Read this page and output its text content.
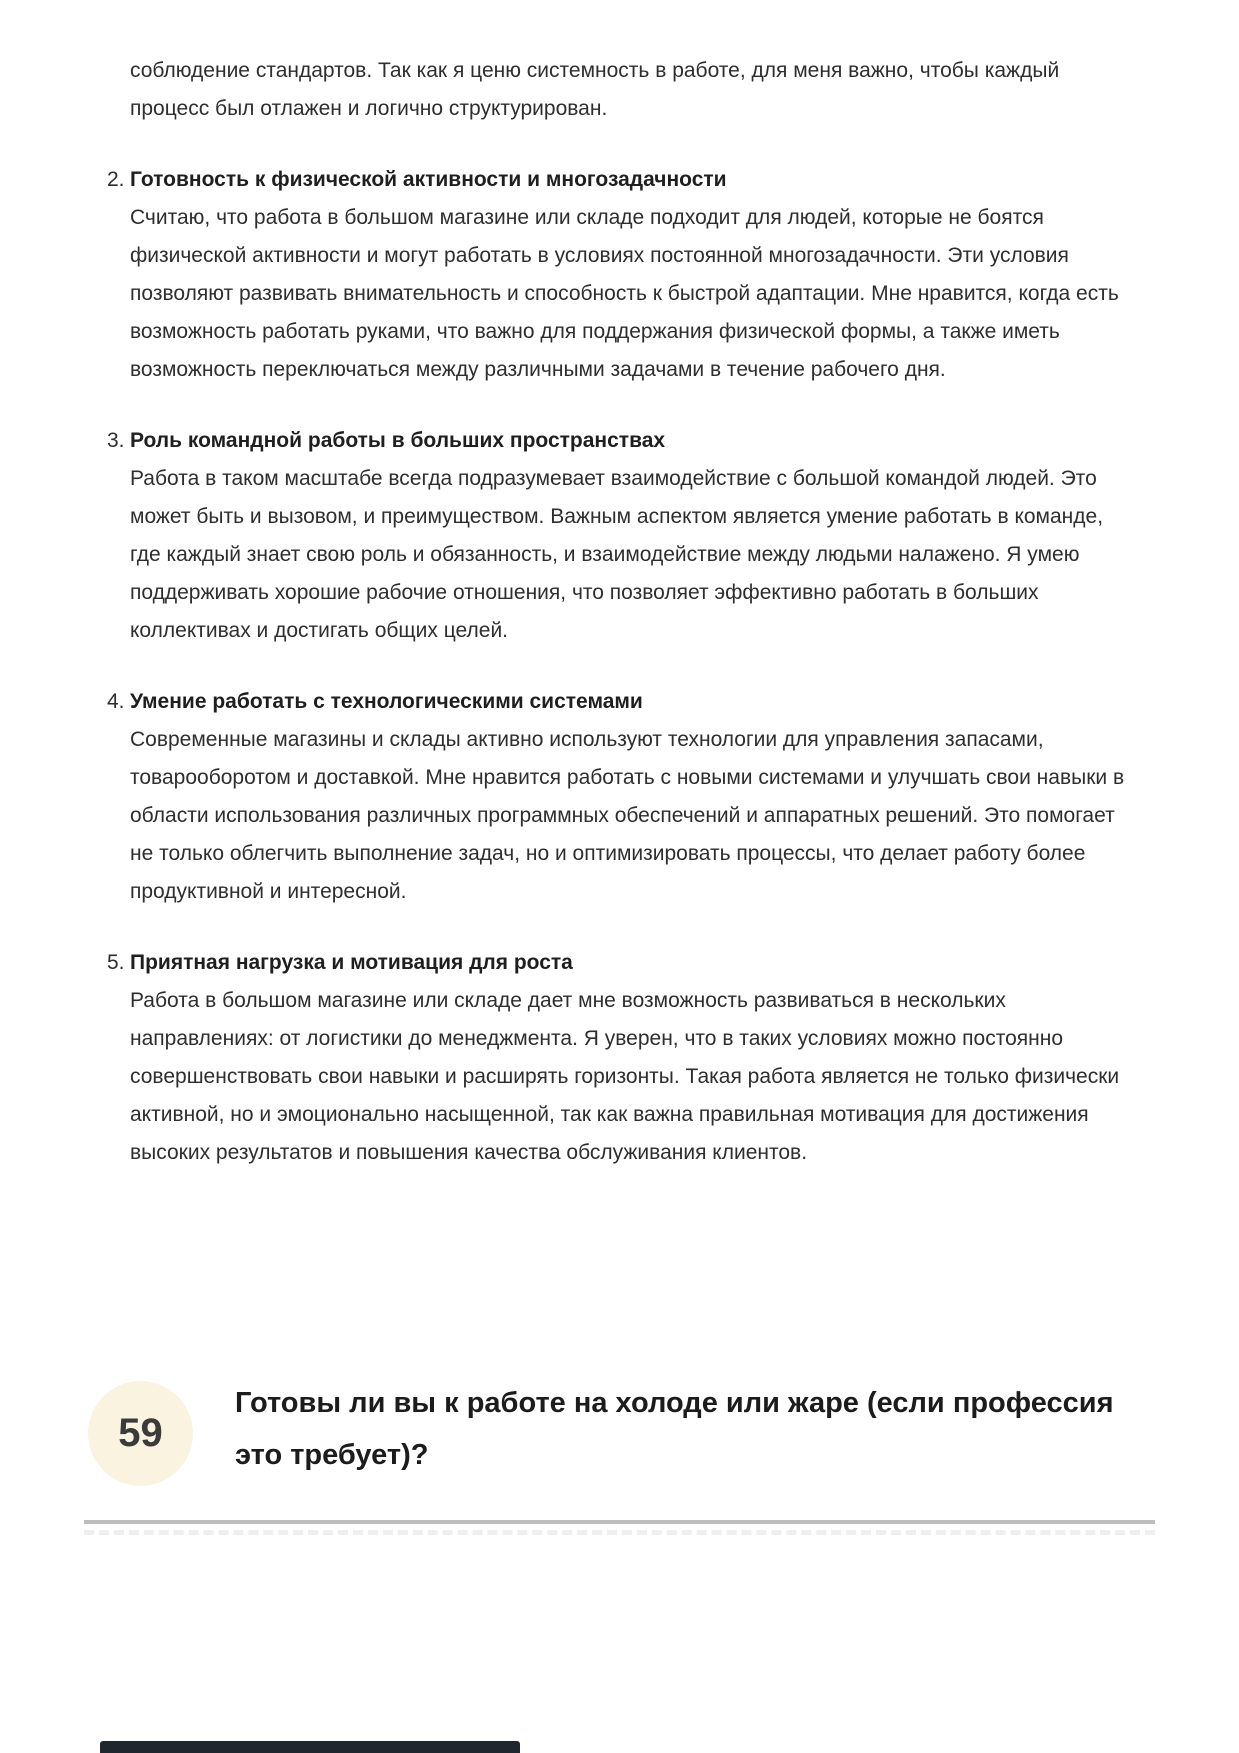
соблюдение стандартов. Так как я ценю системность в работе, для меня важно, чтобы каждый процесс был отлажен и логично структурирован.

2. Готовность к физической активности и многозадачности

Считаю, что работа в большом магазине или складе подходит для людей, которые не боятся физической активности и могут работать в условиях постоянной многозадачности. Эти условия позволяют развивать внимательность и способность к быстрой адаптации. Мне нравится, когда есть возможность работать руками, что важно для поддержания физической формы, а также иметь возможность переключаться между различными задачами в течение рабочего дня.

3. Роль командной работы в больших пространствах

Работа в таком масштабе всегда подразумевает взаимодействие с большой командой людей. Это может быть и вызовом, и преимуществом. Важным аспектом является умение работать в команде, где каждый знает свою роль и обязанность, и взаимодействие между людьми налажено. Я умею поддерживать хорошие рабочие отношения, что позволяет эффективно работать в больших коллективах и достигать общих целей.

4. Умение работать с технологическими системами

Современные магазины и склады активно используют технологии для управления запасами, товарооборотом и доставкой. Мне нравится работать с новыми системами и улучшать свои навыки в области использования различных программных обеспечений и аппаратных решений. Это помогает не только облегчить выполнение задач, но и оптимизировать процессы, что делает работу более продуктивной и интересной.

5. Приятная нагрузка и мотивация для роста

Работа в большом магазине или складе дает мне возможность развиваться в нескольких направлениях: от логистики до менеджмента. Я уверен, что в таких условиях можно постоянно совершенствовать свои навыки и расширять горизонты. Такая работа является не только физически активной, но и эмоционально насыщенной, так как важна правильная мотивация для достижения высоких результатов и повышения качества обслуживания клиентов.

59
Готовы ли вы к работе на холоде или жаре (если профессия это требует)?
